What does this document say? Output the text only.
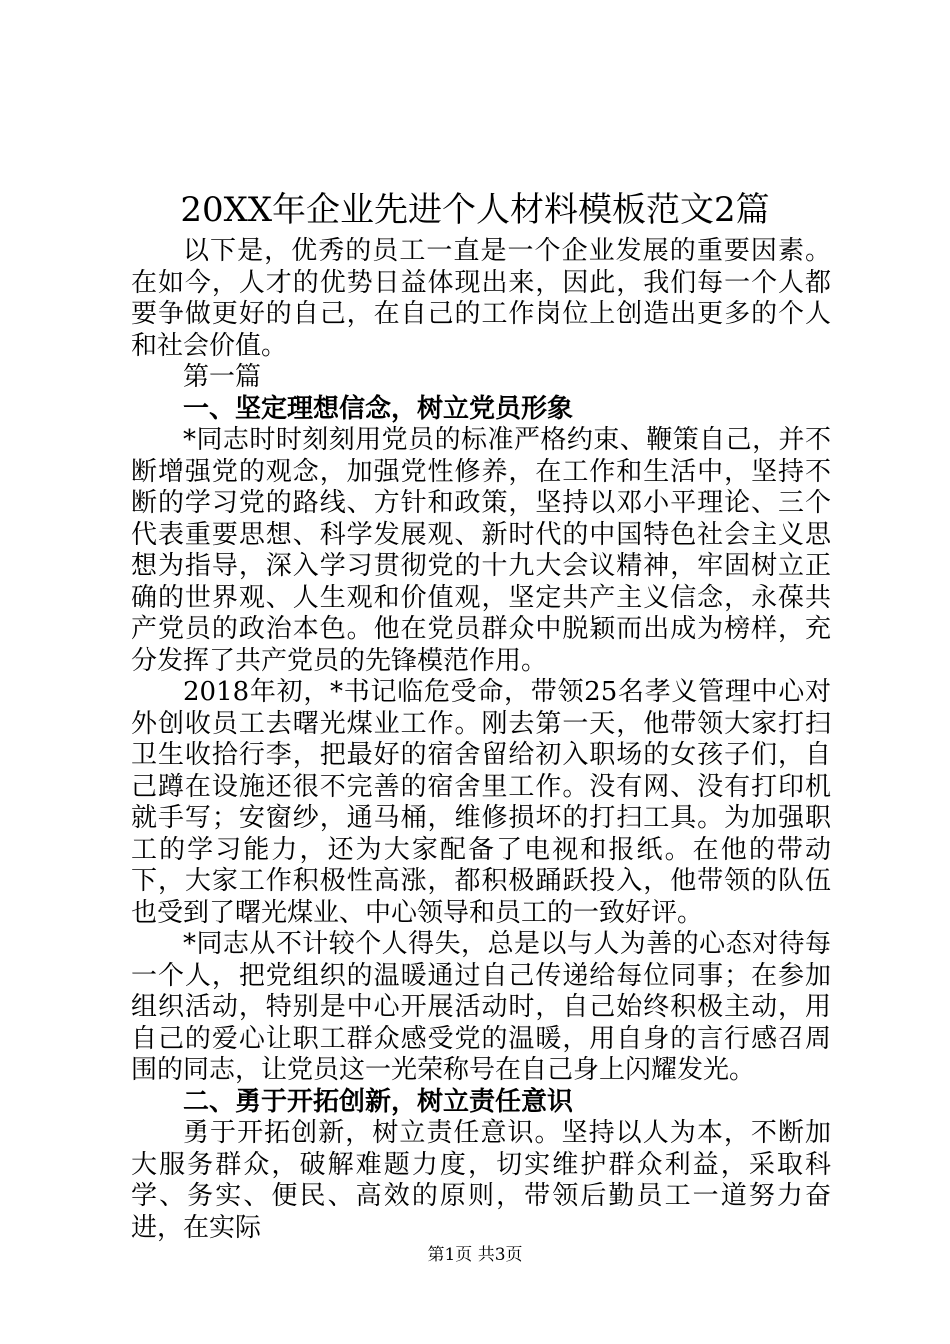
20XX年企业先进个人材料模板范文2篇

以下是，优秀的员工一直是一个企业发展的重要因素。在如今，人才的优势日益体现出来，因此，我们每一个人都要争做更好的自己，在自己的工作岗位上创造出更多的个人和社会价值。

第一篇

一、坚定理想信念，树立党员形象

*同志时时刻刻用党员的标准严格约束、鞭策自己，并不断增强党的观念，加强党性修养，在工作和生活中，坚持不断的学习党的路线、方针和政策，坚持以邓小平理论、三个代表重要思想、科学发展观、新时代的中国特色社会主义思想为指导，深入学习贯彻党的十九大会议精神，牢固树立正确的世界观、人生观和价值观，坚定共产主义信念，永葆共产党员的政治本色。他在党员群众中脱颖而出成为榜样，充分发挥了共产党员的先锋模范作用。

2018年初，*书记临危受命，带领25名孝义管理中心对外创收员工去曙光煤业工作。刚去第一天，他带领大家打扫卫生收拾行李，把最好的宿舍留给初入职场的女孩子们，自己蹲在设施还很不完善的宿舍里工作。没有网、没有打印机就手写；安窗纱，通马桶，维修损坏的打扫工具。为加强职工的学习能力，还为大家配备了电视和报纸。在他的带动下，大家工作积极性高涨，都积极踊跃投入，他带领的队伍也受到了曙光煤业、中心领导和员工的一致好评。

*同志从不计较个人得失，总是以与人为善的心态对待每一个人，把党组织的温暖通过自己传递给每位同事；在参加组织活动，特别是中心开展活动时，自己始终积极主动，用自己的爱心让职工群众感受党的温暖，用自身的言行感召周围的同志，让党员这一光荣称号在自己身上闪耀发光。

二、勇于开拓创新，树立责任意识

勇于开拓创新，树立责任意识。坚持以人为本，不断加大服务群众，破解难题力度，切实维护群众利益，采取科学、务实、便民、高效的原则，带领后勤员工一道努力奋进，在实际

第1页 共3页
